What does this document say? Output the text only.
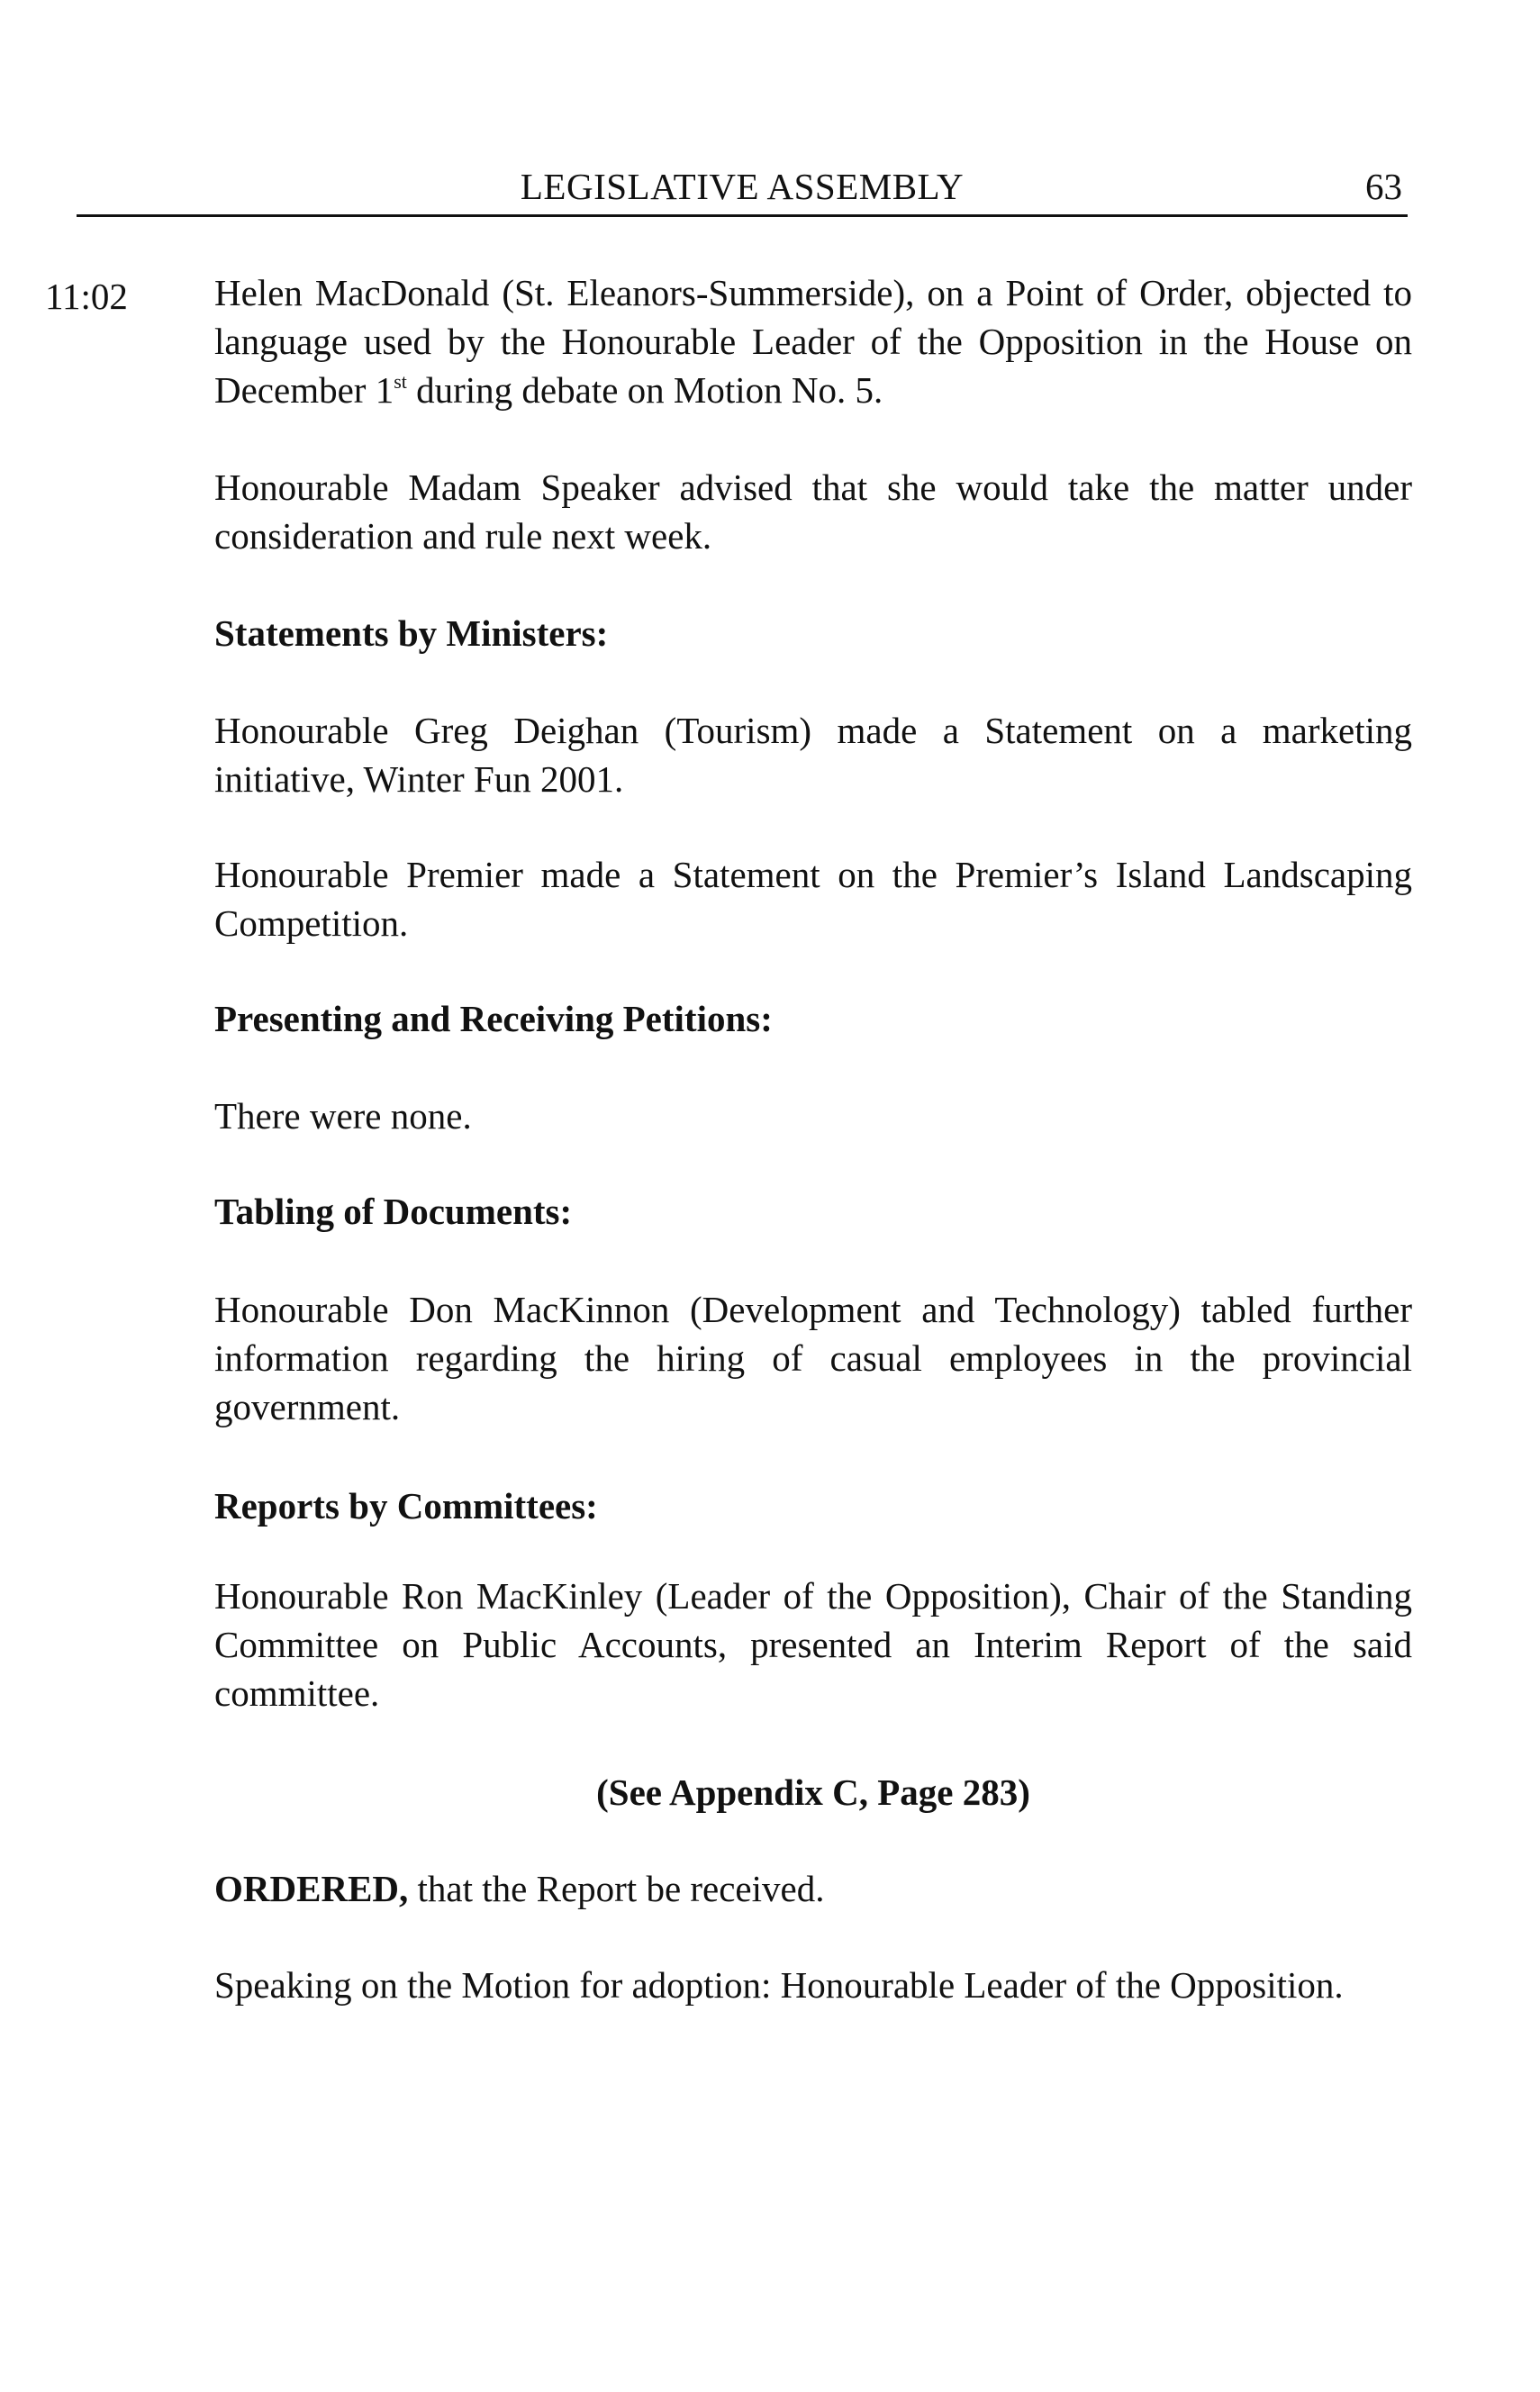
LEGISLATIVE ASSEMBLY	63
11:02 Helen MacDonald (St. Eleanors-Summerside), on a Point of Order, objected to language used by the Honourable Leader of the Opposition in the House on December 1st during debate on Motion No. 5.

Honourable Madam Speaker advised that she would take the matter under consideration and rule next week.

Statements by Ministers:

Honourable Greg Deighan (Tourism) made a Statement on a marketing initiative, Winter Fun 2001.

Honourable Premier made a Statement on the Premier’s Island Landscaping Competition.

Presenting and Receiving Petitions:

There were none.

Tabling of Documents:

Honourable Don MacKinnon (Development and Technology) tabled further information regarding the hiring of casual employees in the provincial government.

Reports by Committees:

Honourable Ron MacKinley (Leader of the Opposition), Chair of the Standing Committee on Public Accounts, presented an Interim Report of the said committee.

(See Appendix C, Page 283)

ORDERED, that the Report be received.

Speaking on the Motion for adoption: Honourable Leader of the Opposition.
